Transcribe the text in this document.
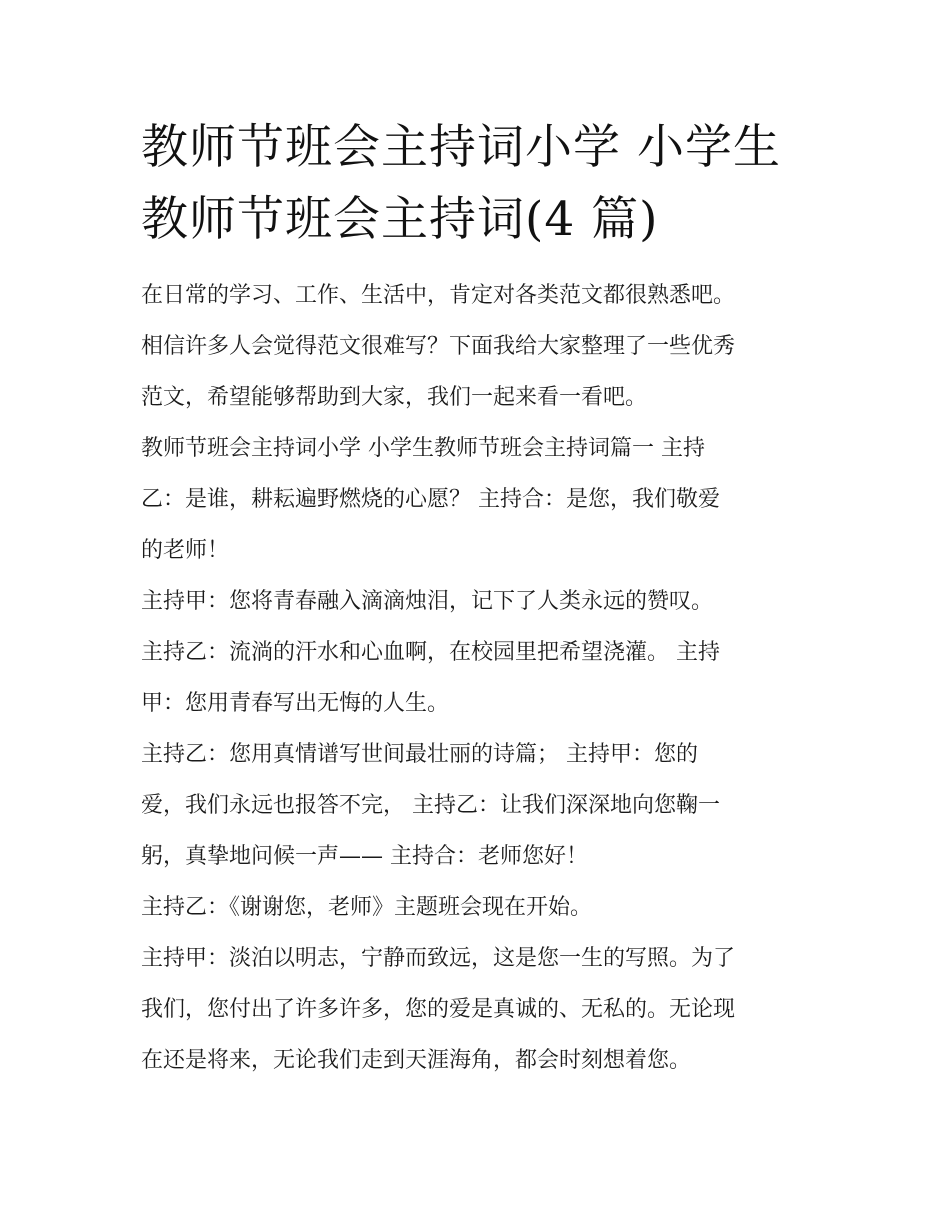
教师节班会主持词小学 小学生
教师节班会主持词(4 篇)

在日常的学习、工作、生活中，肯定对各类范文都很熟悉吧。
相信许多人会觉得范文很难写？下面我给大家整理了一些优秀
范文，希望能够帮助到大家，我们一起来看一看吧。

教师节班会主持词小学 小学生教师节班会主持词篇一 主持
乙：是谁，耕耘遍野燃烧的心愿？ 主持合：是您，我们敬爱
的老师！

主持甲：您将青春融入滴滴烛泪，记下了人类永远的赞叹。

主持乙：流淌的汗水和心血啊，在校园里把希望浇灌。 主持
甲：您用青春写出无悔的人生。

主持乙：您用真情谱写世间最壮丽的诗篇； 主持甲：您的
爱，我们永远也报答不完， 主持乙：让我们深深地向您鞠一
躬，真挚地问候一声—— 主持合：老师您好！

主持乙：《谢谢您，老师》主题班会现在开始。

主持甲：淡泊以明志，宁静而致远，这是您一生的写照。为了
我们，您付出了许多许多，您的爱是真诚的、无私的。无论现
在还是将来，无论我们走到天涯海角，都会时刻想着您。
